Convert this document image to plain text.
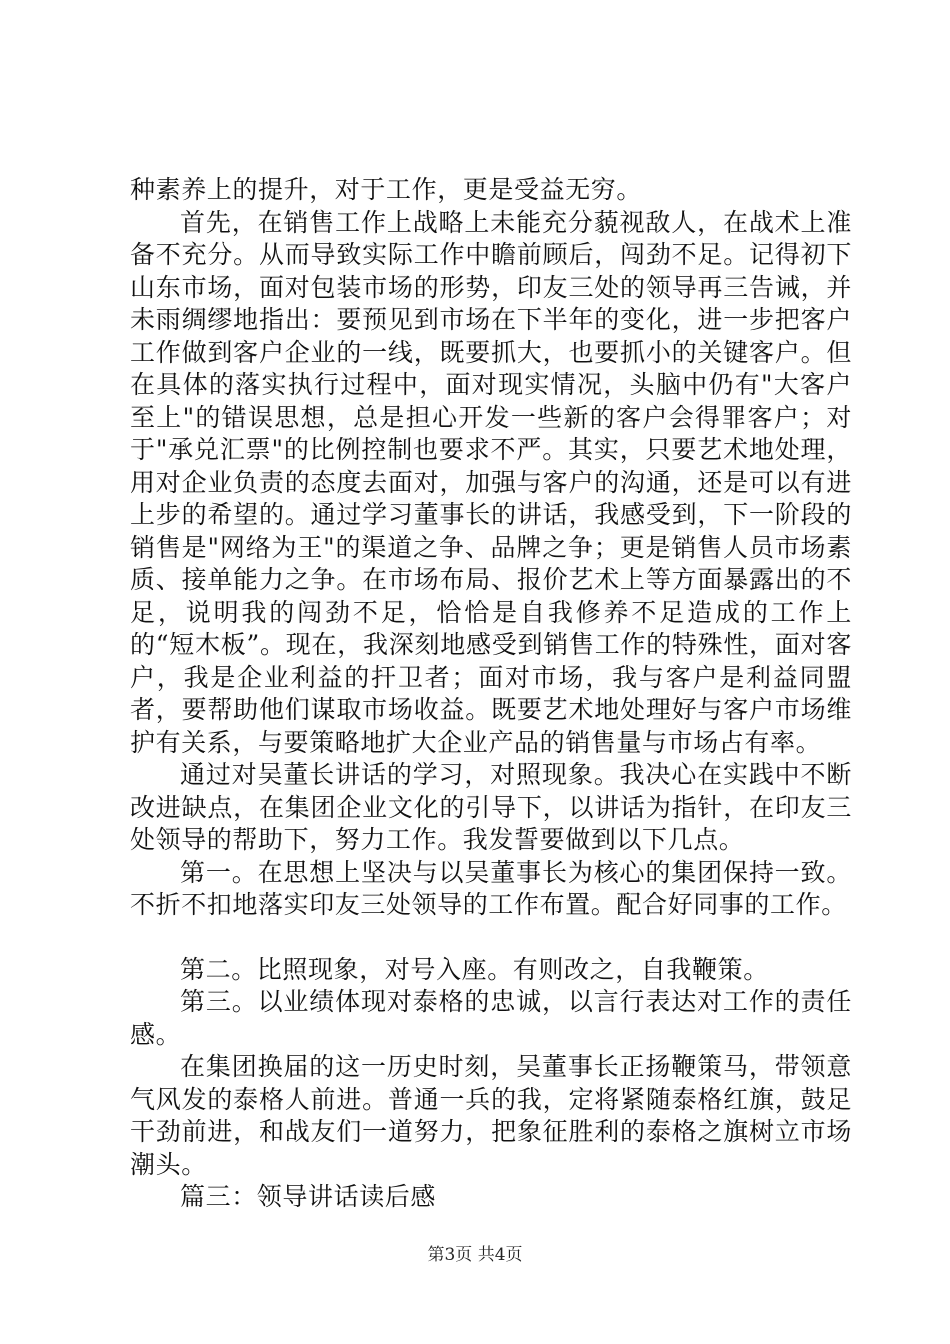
种素养上的提升，对于工作，更是受益无穷。

首先，在销售工作上战略上未能充分藐视敌人，在战术上准备不充分。从而导致实际工作中瞻前顾后，闯劲不足。记得初下山东市场，面对包装市场的形势，印友三处的领导再三告诫，并未雨绸缪地指出：要预见到市场在下半年的变化，进一步把客户工作做到客户企业的一线，既要抓大，也要抓小的关键客户。但在具体的落实执行过程中，面对现实情况，头脑中仍有"大客户至上"的错误思想，总是担心开发一些新的客户会得罪客户；对于"承兑汇票"的比例控制也要求不严。其实，只要艺术地处理，用对企业负责的态度去面对，加强与客户的沟通，还是可以有进上步的希望的。通过学习董事长的讲话，我感受到，下一阶段的销售是"网络为王"的渠道之争、品牌之争；更是销售人员市场素质、接单能力之争。在市场布局、报价艺术上等方面暴露出的不足，说明我的闯劲不足，恰恰是自我修养不足造成的工作上的“短木板”。现在，我深刻地感受到销售工作的特殊性，面对客户，我是企业利益的扞卫者；面对市场，我与客户是利益同盟者，要帮助他们谋取市场收益。既要艺术地处理好与客户市场维护有关系，与要策略地扩大企业产品的销售量与市场占有率。

通过对吴董长讲话的学习，对照现象。我决心在实践中不断改进缺点，在集团企业文化的引导下，以讲话为指针，在印友三处领导的帮助下，努力工作。我发誓要做到以下几点。

第一。在思想上坚决与以吴董事长为核心的集团保持一致。不折不扣地落实印友三处领导的工作布置。配合好同事的工作。

第二。比照现象，对号入座。有则改之，自我鞭策。

第三。以业绩体现对泰格的忠诚，以言行表达对工作的责任感。

在集团换届的这一历史时刻，吴董事长正扬鞭策马，带领意气风发的泰格人前进。普通一兵的我，定将紧随泰格红旗，鼓足干劲前进，和战友们一道努力，把象征胜利的泰格之旗树立市场潮头。

篇三：领导讲话读后感

第3页 共4页
